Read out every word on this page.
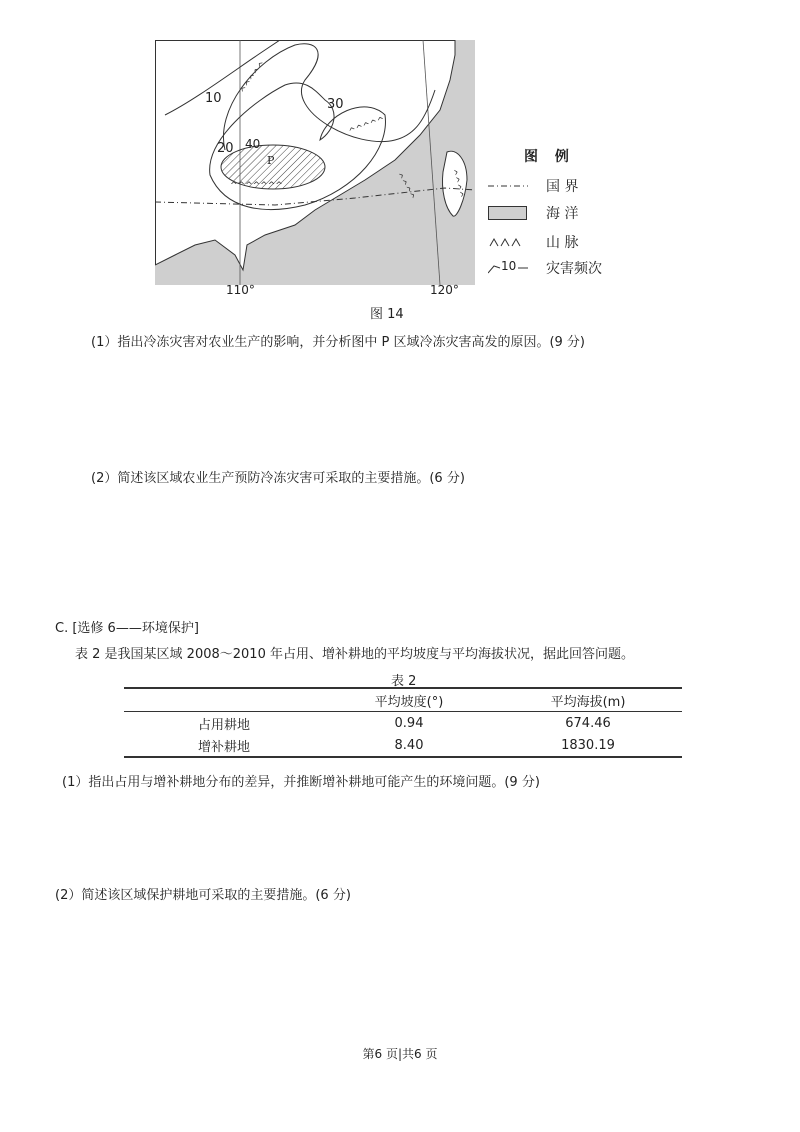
^^^^^
^^^^^
^^^^^^^	^^^^	^^^^
10
20
30
40
P
110°	120°
图 例
国 界
海 洋
山 脉
10 灾害频次
图 14
(1）指出冷冻灾害对农业生产的影响，并分析图中 P 区域冷冻灾害高发的原因。(9 分)
(2）简述该区域农业生产预防冷冻灾害可采取的主要措施。(6 分)
C. [选修 6——环境保护]
表 2 是我国某区域 2008～2010 年占用、增补耕地的平均坡度与平均海拔状况，据此回答问题。
表 2
	平均坡度(°)	平均海拔(m)
占用耕地	0.94	674.46
增补耕地	8.40	1830.19
(1）指出占用与增补耕地分布的差异，并推断增补耕地可能产生的环境问题。(9 分)
(2）简述该区域保护耕地可采取的主要措施。(6 分)
第6 页|共6 页
